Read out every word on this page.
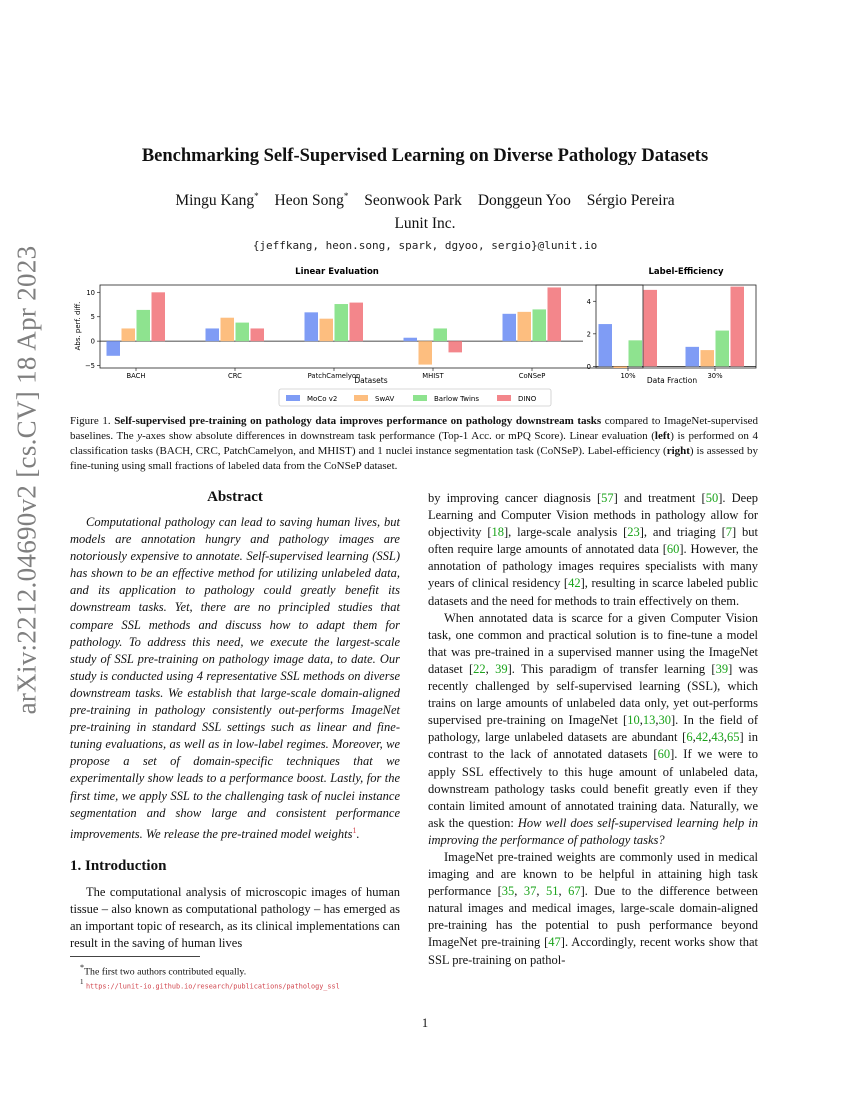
arXiv:2212.04690v2 [cs.CV] 18 Apr 2023
Benchmarking Self-Supervised Learning on Diverse Pathology Datasets
Mingu Kang* Heon Song* Seonwook Park Donggeun Yoo Sérgio Pereira
Lunit Inc.
{jeffkang, heon.song, spark, dgyoo, sergio}@lunit.io
Linear Evaluation
Abs. perf. diff.
Datasets
−5
0
5
10
BACH	CRC	PatchCamelyon	MHIST	CoNSeP
Label-Efficiency
Data Fraction
0
2
4
10%	30%
MoCo v2	SwAV	Barlow Twins	DINO
Figure 1. Self-supervised pre-training on pathology data improves performance on pathology downstream tasks compared to ImageNet-supervised baselines. The y-axes show absolute differences in downstream task performance (Top-1 Acc. or mPQ Score). Linear evaluation (left) is performed on 4 classification tasks (BACH, CRC, PatchCamelyon, and MHIST) and 1 nuclei instance segmentation task (CoNSeP). Label-efficiency (right) is assessed by fine-tuning using small fractions of labeled data from the CoNSeP dataset.
Abstract

Computational pathology can lead to saving human lives, but models are annotation hungry and pathology images are notoriously expensive to annotate. Self-supervised learning (SSL) has shown to be an effective method for utilizing unlabeled data, and its application to pathology could greatly benefit its downstream tasks. Yet, there are no principled studies that compare SSL methods and discuss how to adapt them for pathology. To address this need, we execute the largest-scale study of SSL pre-training on pathology image data, to date. Our study is conducted using 4 representative SSL methods on diverse downstream tasks. We establish that large-scale domain-aligned pre-training in pathology consistently out-performs ImageNet pre-training in standard SSL settings such as linear and fine-tuning evaluations, as well as in low-label regimes. Moreover, we propose a set of domain-specific techniques that we experimentally show leads to a performance boost. Lastly, for the first time, we apply SSL to the challenging task of nuclei instance segmentation and show large and consistent performance improvements. We release the pre-trained model weights$^1$.

1. Introduction

The computational analysis of microscopic images of human tissue – also known as computational pathology – has emerged as an important topic of research, as its clinical implementations can result in the saving of human lives

*The first two authors contributed equally.
$^1$ https://lunit-io.github.io/research/publications/pathology_ssl

by improving cancer diagnosis [57] and treatment [50]. Deep Learning and Computer Vision methods in pathology allow for objectivity [18], large-scale analysis [23], and triaging [7] but often require large amounts of annotated data [60]. However, the annotation of pathology images requires specialists with many years of clinical residency [42], resulting in scarce labeled public datasets and the need for methods to train effectively on them.

When annotated data is scarce for a given Computer Vision task, one common and practical solution is to fine-tune a model that was pre-trained in a supervised manner using the ImageNet dataset [22, 39]. This paradigm of transfer learning [39] was recently challenged by self-supervised learning (SSL), which trains on large amounts of unlabeled data only, yet out-performs supervised pre-training on ImageNet [10,13,30]. In the field of pathology, large unlabeled datasets are abundant [6,42,43,65] in contrast to the lack of annotated datasets [60]. If we were to apply SSL effectively to this huge amount of unlabeled data, downstream pathology tasks could benefit greatly even if they contain limited amount of annotated training data. Naturally, we ask the question: How well does self-supervised learning help in improving the performance of pathology tasks?

ImageNet pre-trained weights are commonly used in medical imaging and are known to be helpful in attaining high task performance [35, 37, 51, 67]. Due to the difference between natural images and medical images, large-scale domain-aligned pre-training has the potential to push performance beyond ImageNet pre-training [47]. Accordingly, recent works show that SSL pre-training on pathol-

1
